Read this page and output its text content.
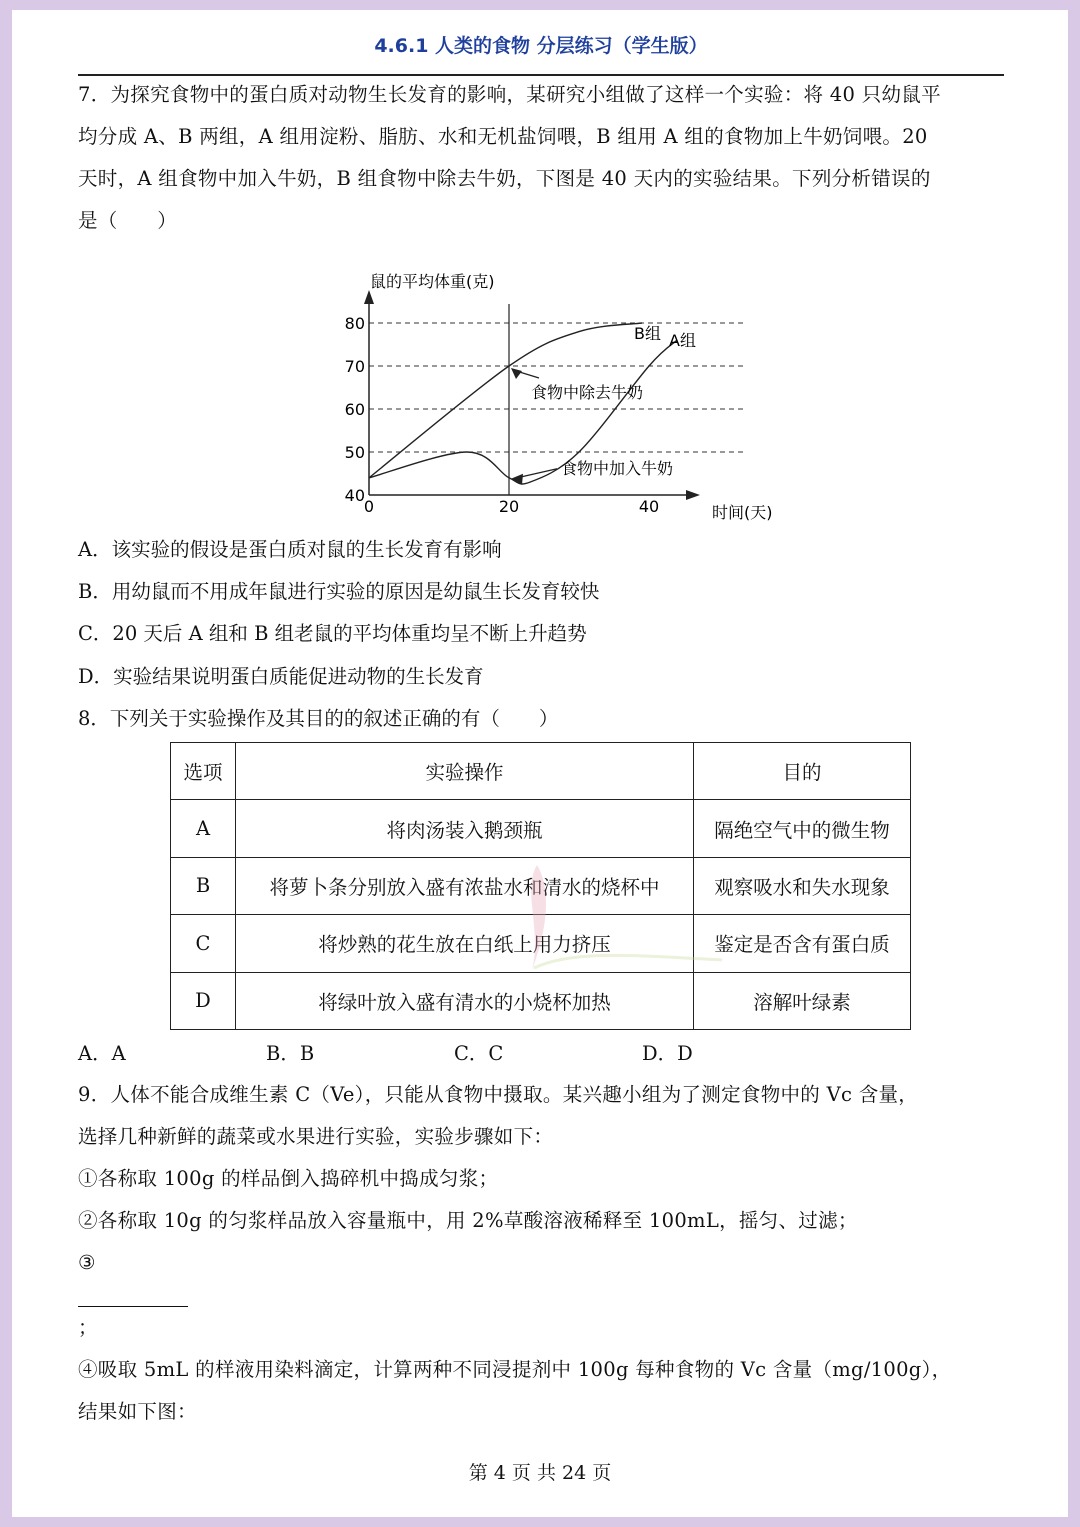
4.6.1 人类的食物 分层练习（学生版）
7．为探究食物中的蛋白质对动物生长发育的影响，某研究小组做了这样一个实验：将 40 只幼鼠平
均分成 A、B 两组，A 组用淀粉、脂肪、水和无机盐饲喂，B 组用 A 组的食物加上牛奶饲喂。20
天时，A 组食物中加入牛奶，B 组食物中除去牛奶，下图是 40 天内的实验结果。下列分析错误的
是（　　）
40
50
60
70
80
0	20	40
鼠的平均体重(克)
时间(天)
B组 A组
食物中除去牛奶
食物中加入牛奶
A．该实验的假设是蛋白质对鼠的生长发育有影响
B．用幼鼠而不用成年鼠进行实验的原因是幼鼠生长发育较快
C．20 天后 A 组和 B 组老鼠的平均体重均呈不断上升趋势
D．实验结果说明蛋白质能促进动物的生长发育
8．下列关于实验操作及其目的的叙述正确的有（　　）
选项	实验操作	目的
A	将肉汤装入鹅颈瓶	隔绝空气中的微生物
B	将萝卜条分别放入盛有浓盐水和清水的烧杯中	观察吸水和失水现象
C	将炒熟的花生放在白纸上用力挤压	鉴定是否含有蛋白质
D	将绿叶放入盛有清水的小烧杯加热	溶解叶绿素
A．A	B．B	C．C	D．D
9．人体不能合成维生素 C（Ve），只能从食物中摄取。某兴趣小组为了测定食物中的 Vc 含量，
选择几种新鲜的蔬菜或水果进行实验，实验步骤如下：
①各称取 100g 的样品倒入捣碎机中捣成匀浆；
②各称取 10g 的匀浆样品放入容量瓶中，用 2%草酸溶液稀释至 100mL，摇匀、过滤；
③
；
④吸取 5mL 的样液用染料滴定，计算两种不同浸提剂中 100g 每种食物的 Vc 含量（mg/100g），
结果如下图：
第 4 页 共 24 页
